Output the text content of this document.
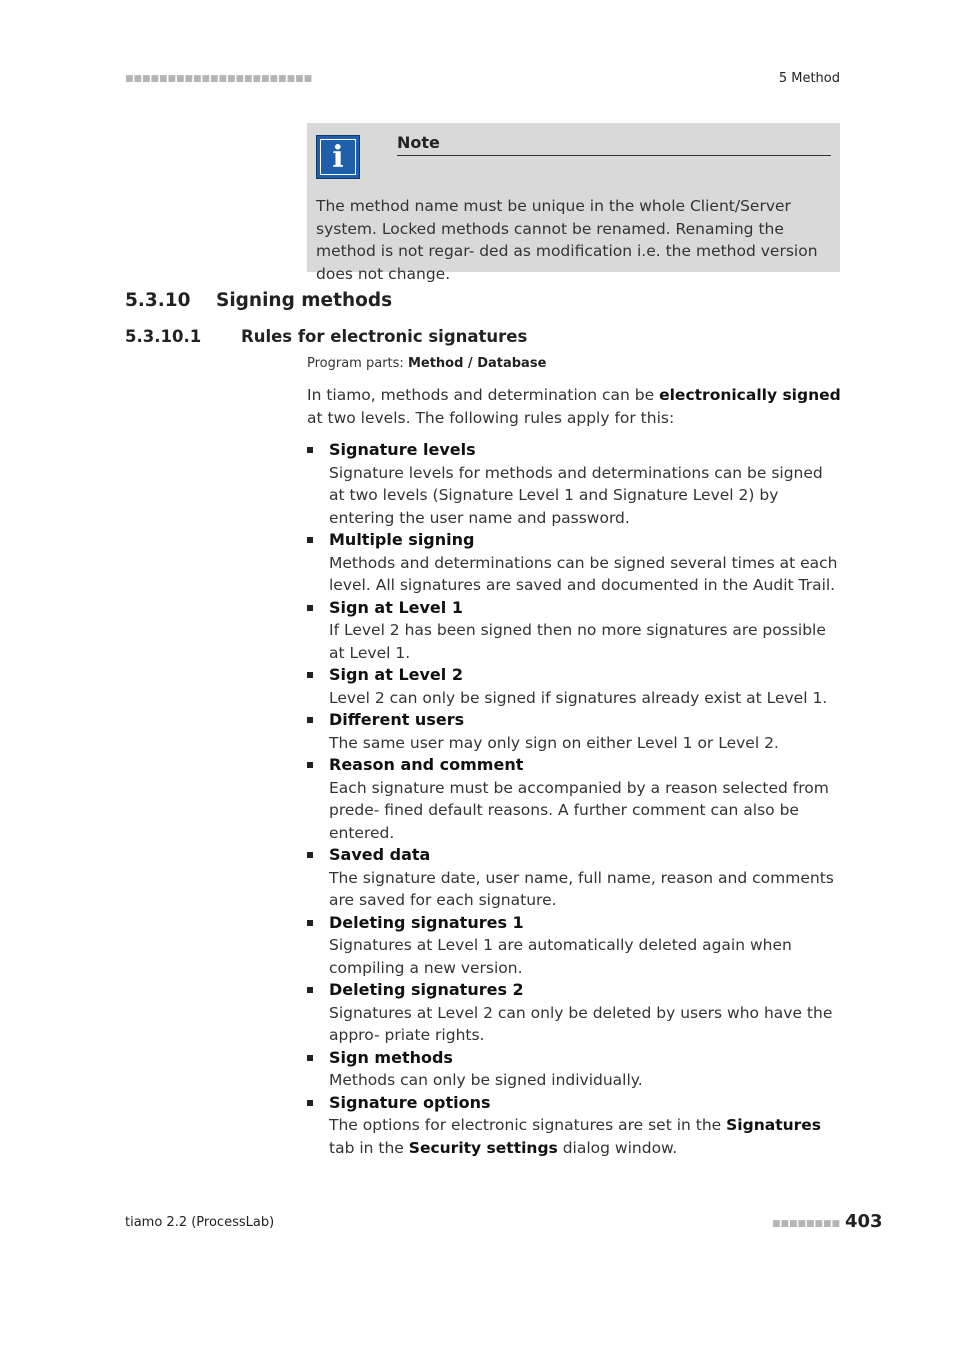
■■■■■■■■■■■■■■■■■■■■■■	5 Method
i	Note
The method name must be unique in the whole Client/Server system. Locked methods cannot be renamed. Renaming the method is not regar- ded as modification i.e. the method version does not change.
5.3.10 Signing methods
5.3.10.1 Rules for electronic signatures
Program parts: Method / Database
In tiamo, methods and determination can be electronically signed at two levels. The following rules apply for this:
Signature levels
Signature levels for methods and determinations can be signed at two levels (Signature Level 1 and Signature Level 2) by entering the user name and password.
Multiple signing
Methods and determinations can be signed several times at each level. All signatures are saved and documented in the Audit Trail.
Sign at Level 1
If Level 2 has been signed then no more signatures are possible at Level 1.
Sign at Level 2
Level 2 can only be signed if signatures already exist at Level 1.
Different users
The same user may only sign on either Level 1 or Level 2.
Reason and comment
Each signature must be accompanied by a reason selected from prede- fined default reasons. A further comment can also be entered.
Saved data
The signature date, user name, full name, reason and comments are saved for each signature.
Deleting signatures 1
Signatures at Level 1 are automatically deleted again when compiling a new version.
Deleting signatures 2
Signatures at Level 2 can only be deleted by users who have the appro- priate rights.
Sign methods
Methods can only be signed individually.
Signature options
The options for electronic signatures are set in the Signatures tab in the Security settings dialog window.
tiamo 2.2 (ProcessLab)	■■■■■■■■ 403
